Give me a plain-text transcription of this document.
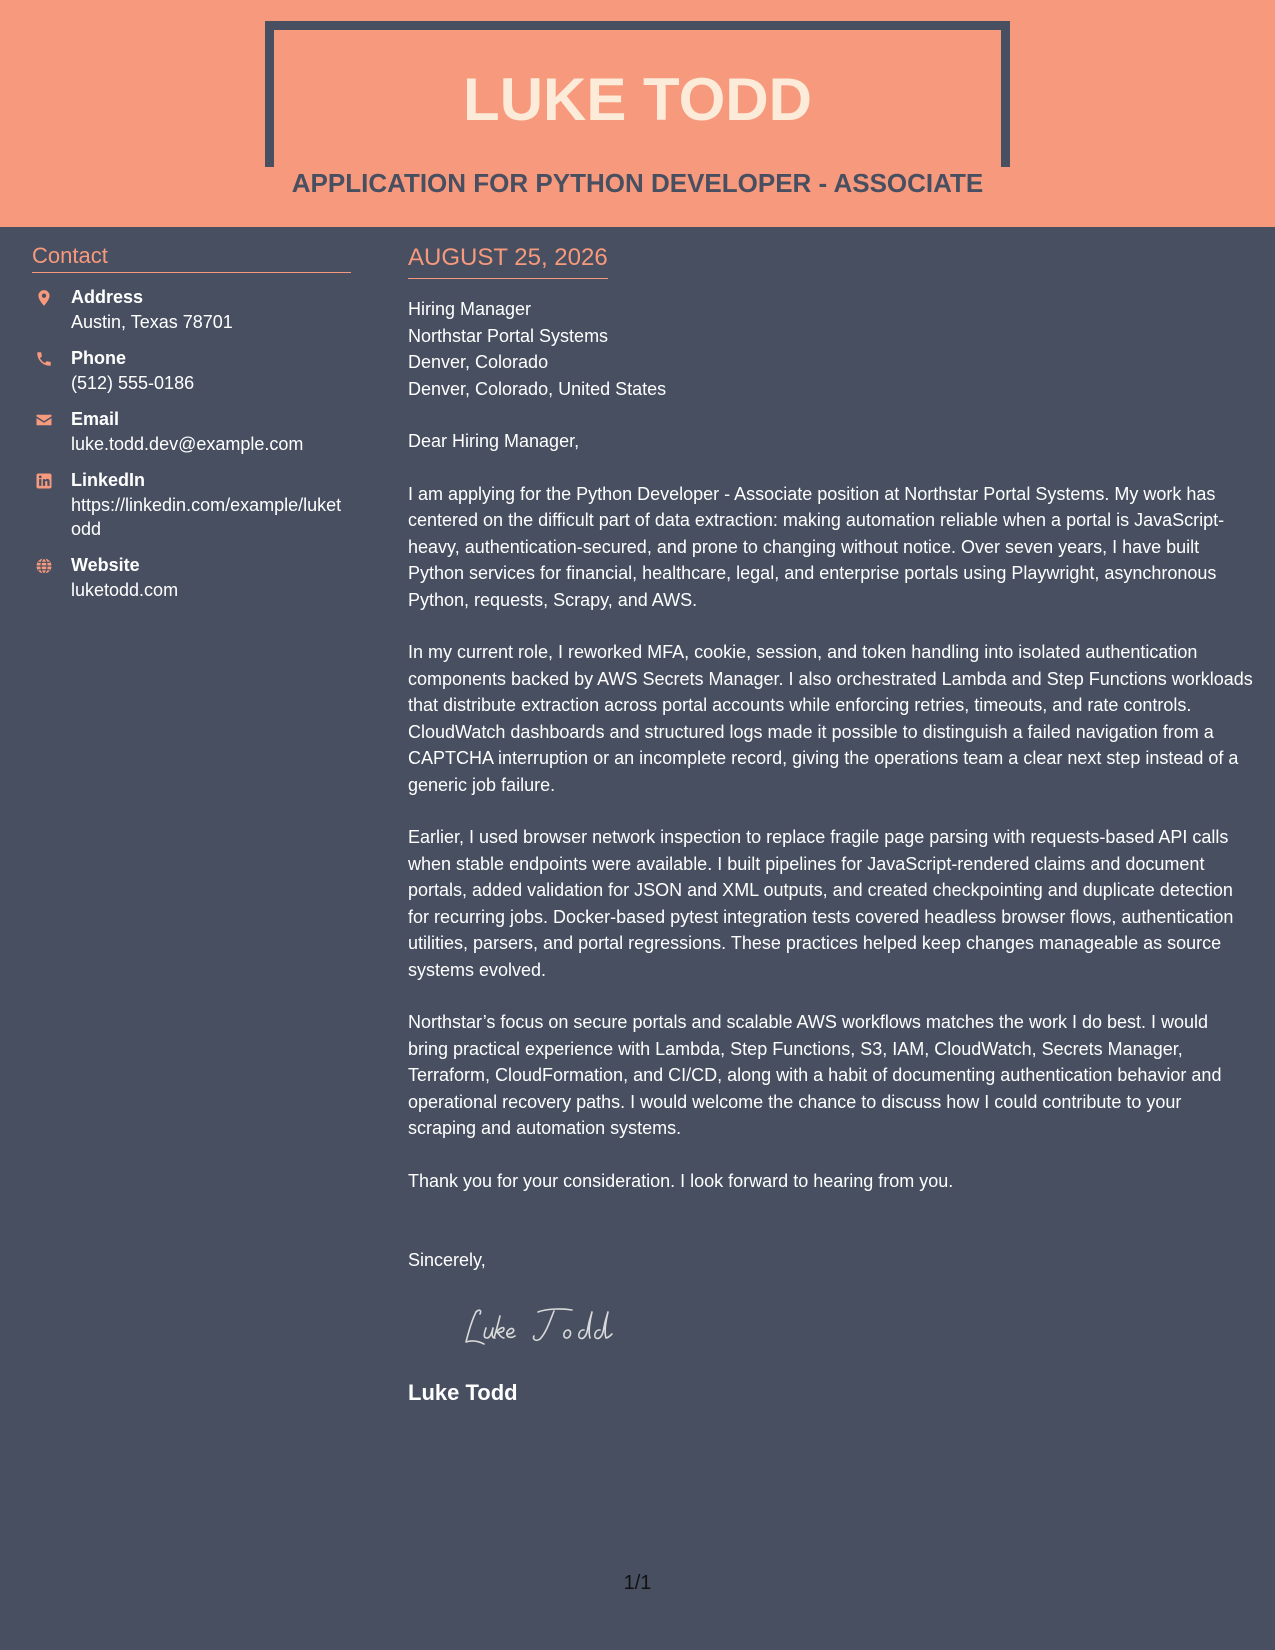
LUKE TODD
APPLICATION FOR PYTHON DEVELOPER - ASSOCIATE
Contact
Address
Austin, Texas 78701
Phone
(512) 555-0186
Email
luke.todd.dev@example.com
LinkedIn
https://linkedin.com/example/luketodd
Website
luketodd.com
AUGUST 25, 2026
Hiring Manager
Northstar Portal Systems
Denver, Colorado
Denver, Colorado, United States
Dear Hiring Manager,
I am applying for the Python Developer - Associate position at Northstar Portal Systems. My work has centered on the difficult part of data extraction: making automation reliable when a portal is JavaScript-heavy, authentication-secured, and prone to changing without notice. Over seven years, I have built Python services for financial, healthcare, legal, and enterprise portals using Playwright, asynchronous Python, requests, Scrapy, and AWS.
In my current role, I reworked MFA, cookie, session, and token handling into isolated authentication components backed by AWS Secrets Manager. I also orchestrated Lambda and Step Functions workloads that distribute extraction across portal accounts while enforcing retries, timeouts, and rate controls. CloudWatch dashboards and structured logs made it possible to distinguish a failed navigation from a CAPTCHA interruption or an incomplete record, giving the operations team a clear next step instead of a generic job failure.
Earlier, I used browser network inspection to replace fragile page parsing with requests-based API calls when stable endpoints were available. I built pipelines for JavaScript-rendered claims and document portals, added validation for JSON and XML outputs, and created checkpointing and duplicate detection for recurring jobs. Docker-based pytest integration tests covered headless browser flows, authentication utilities, parsers, and portal regressions. These practices helped keep changes manageable as source systems evolved.
Northstar’s focus on secure portals and scalable AWS workflows matches the work I do best. I would bring practical experience with Lambda, Step Functions, S3, IAM, CloudWatch, Secrets Manager, Terraform, CloudFormation, and CI/CD, along with a habit of documenting authentication behavior and operational recovery paths. I would welcome the chance to discuss how I could contribute to your scraping and automation systems.
Thank you for your consideration. I look forward to hearing from you.
Sincerely,
Luke Todd
1/1
